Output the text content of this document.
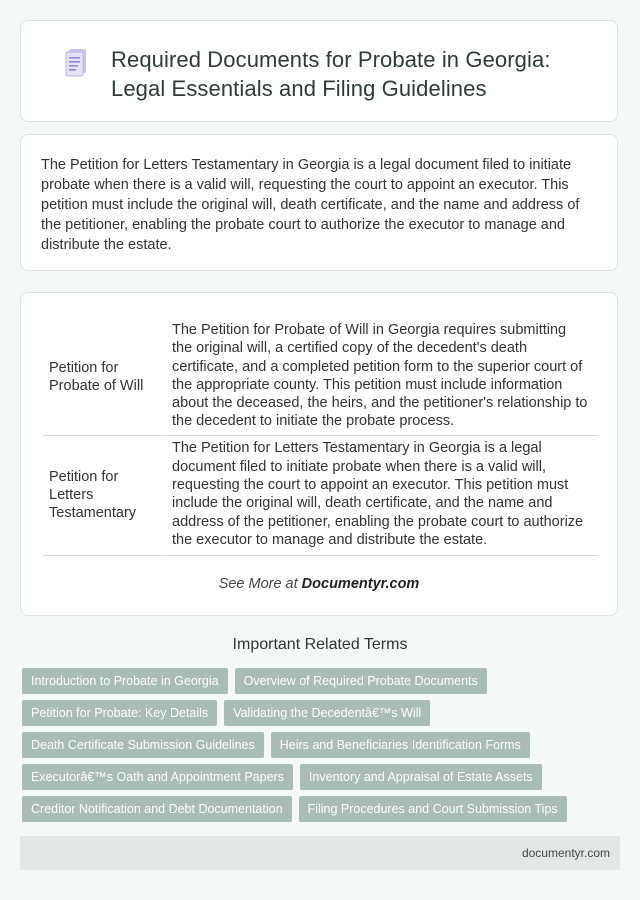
Required Documents for Probate in Georgia: Legal Essentials and Filing Guidelines

The Petition for Letters Testamentary in Georgia is a legal document filed to initiate probate when there is a valid will, requesting the court to appoint an executor. This petition must include the original will, death certificate, and the name and address of the petitioner, enabling the probate court to authorize the executor to manage and distribute the estate.

Petition for Probate of Will	The Petition for Probate of Will in Georgia requires submitting the original will, a certified copy of the decedent's death certificate, and a completed petition form to the superior court of the appropriate county. This petition must include information about the deceased, the heirs, and the petitioner's relationship to the decedent to initiate the probate process.
Petition for Letters Testamentary	The Petition for Letters Testamentary in Georgia is a legal document filed to initiate probate when there is a valid will, requesting the court to appoint an executor. This petition must include the original will, death certificate, and the name and address of the petitioner, enabling the probate court to authorize the executor to manage and distribute the estate.
See More at Documentyr.com
Important Related Terms
Introduction to Probate in Georgia	Overview of Required Probate Documents
Petition for Probate: Key Details	Validating the Decedentâ€™s Will
Death Certificate Submission Guidelines	Heirs and Beneficiaries Identification Forms
Executorâ€™s Oath and Appointment Papers	Inventory and Appraisal of Estate Assets
Creditor Notification and Debt Documentation	Filing Procedures and Court Submission Tips
documentyr.com
